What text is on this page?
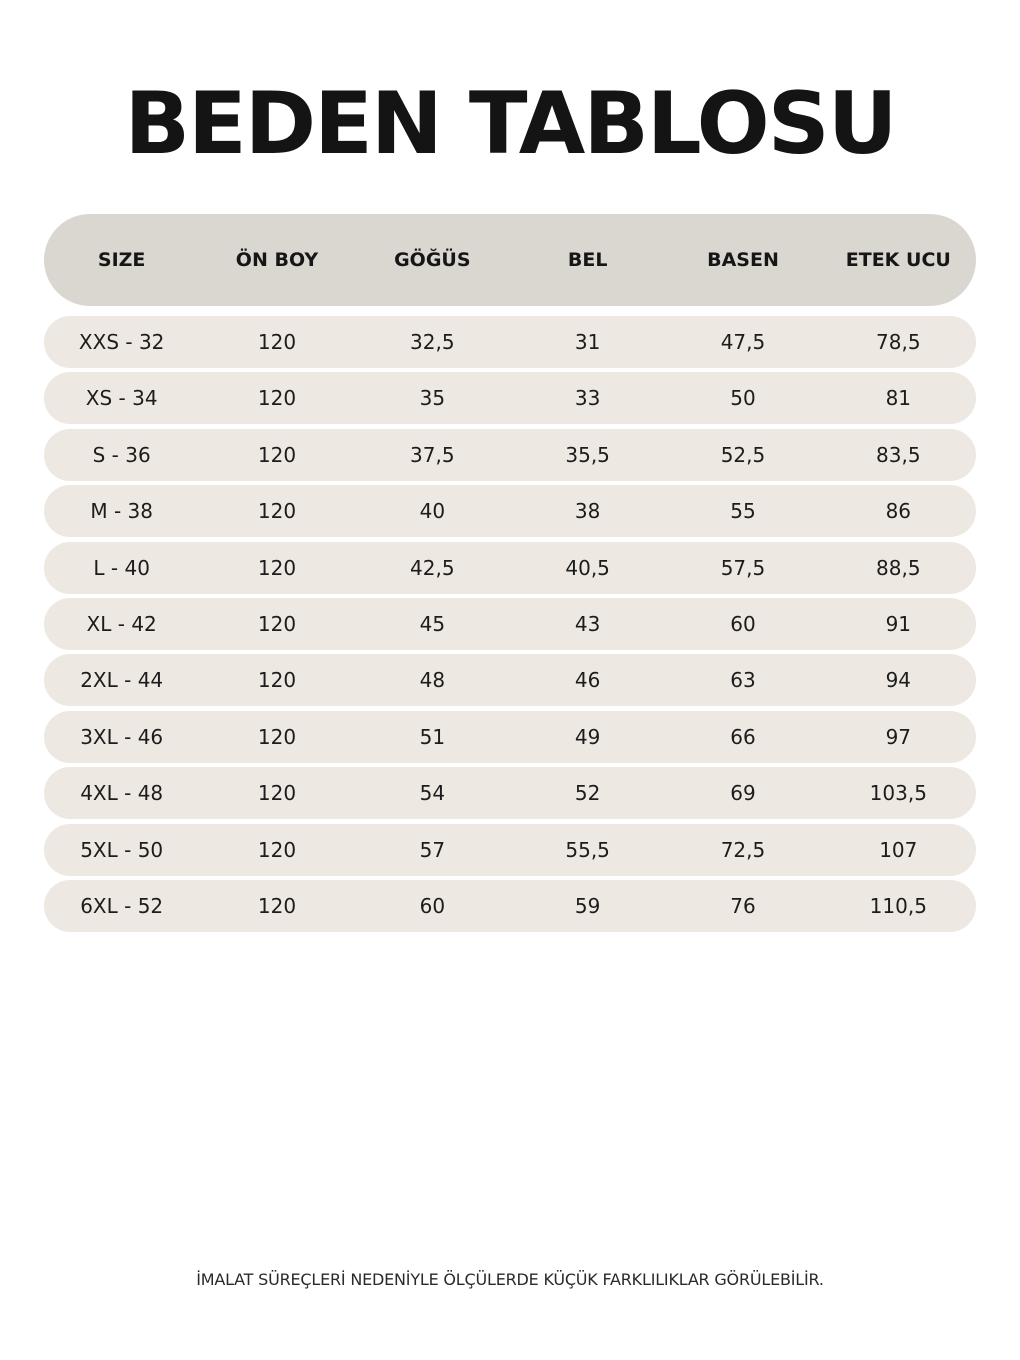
BEDEN TABLOSU
SIZE	ÖN BOY	GÖĞÜS	BEL	BASEN	ETEK UCU
XXS - 32	120	32,5	31	47,5	78,5
XS - 34	120	35	33	50	81
S - 36	120	37,5	35,5	52,5	83,5
M - 38	120	40	38	55	86
L - 40	120	42,5	40,5	57,5	88,5
XL - 42	120	45	43	60	91
2XL - 44	120	48	46	63	94
3XL - 46	120	51	49	66	97
4XL - 48	120	54	52	69	103,5
5XL - 50	120	57	55,5	72,5	107
6XL - 52	120	60	59	76	110,5
İMALAT SÜREÇLERİ NEDENİYLE ÖLÇÜLERDE KÜÇÜK FARKLILIKLAR GÖRÜLEBİLİR.
